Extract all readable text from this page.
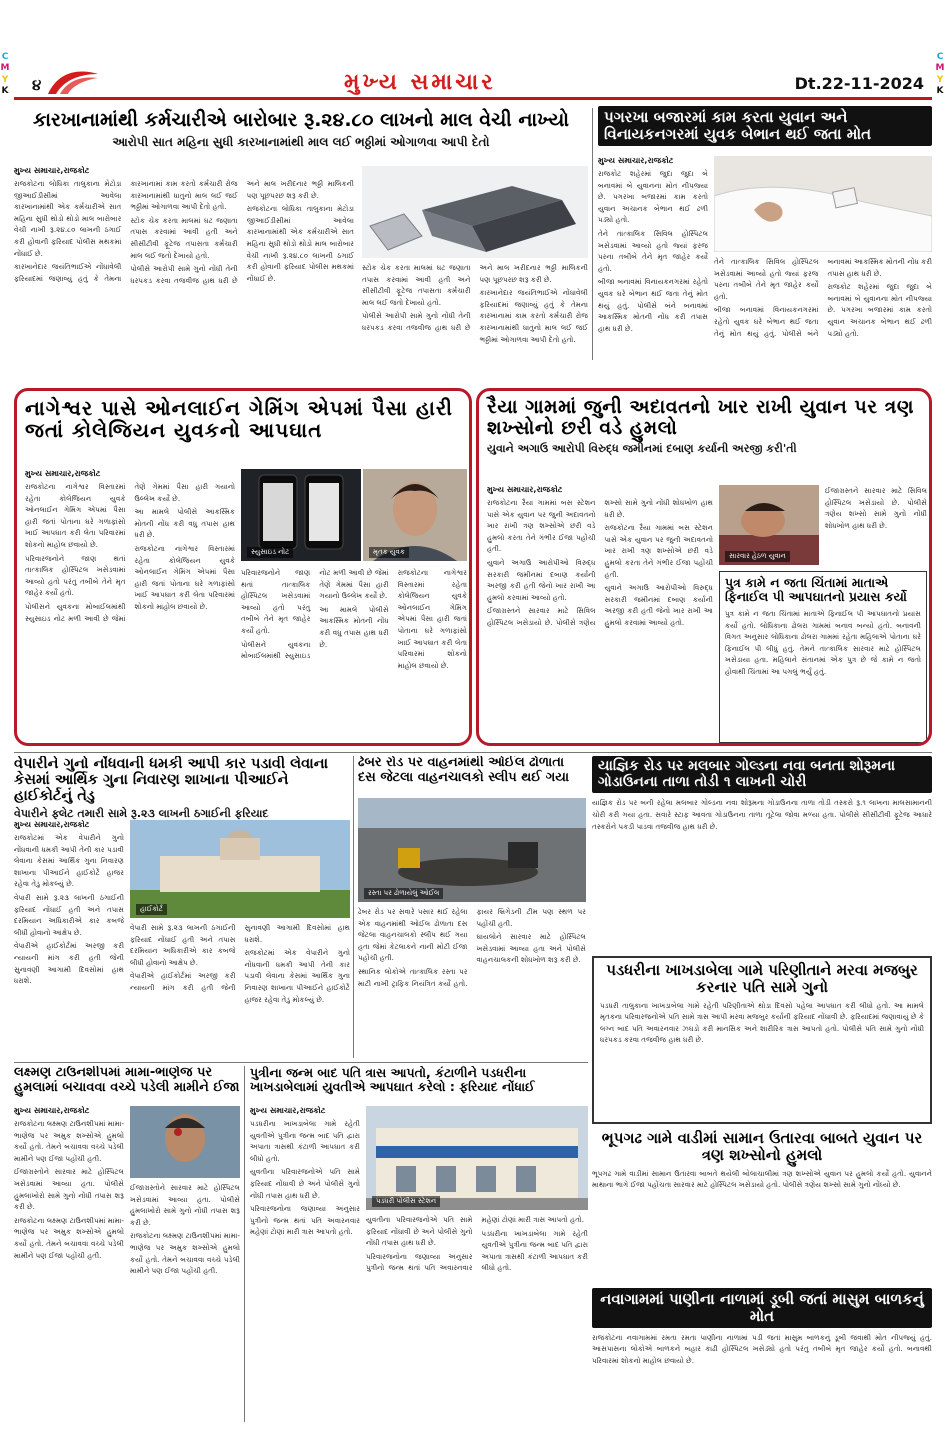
C
M
Y
K
C
M
Y
K
૪	મુખ્ય સમાચાર	Dt.22-11-2024
કારખાનામાંથી કર્મચારીએ બારોબાર રૂ.૨૪.૮૦ લાખનો માલ વેચી નાખ્યો
આરોપી સાત મહિના સુધી કારખાનામાંથી માલ લઈ ભઠ્ઠીમાં ઓગાળવા આપી દેતો
મુખ્ય સમાચાર,રાજકોટ

રાજકોટના લોધિકા તાલુકાના મેટોડા જીઆઈડીસીમાં આવેલા કારખાનામાંથી એક કર્મચારીએ સાત મહિના સુધી થોડો થોડો માલ બારોબાર વેચી નાખી રૂ.૨૪.૮૦ લાખની ઠગાઈ કરી હોવાની ફરિયાદ પોલીસ મથકમાં નોંધાઈ છે.

કારખાનેદાર જયંતિભાઈએ નોંધાવેલી ફરિયાદમાં જણાવ્યું હતું કે તેમના કારખાનામાં કામ કરતો કર્મચારી રોજ કારખાનામાંથી ધાતુનો માલ લઈ જઈ ભઠ્ઠીમાં ઓગાળવા આપી દેતો હતો.

સ્ટોક ચેક કરતા માલમાં ઘટ જણાતા તપાસ કરવામાં આવી હતી અને સીસીટીવી ફૂટેજ તપાસતા કર્મચારી માલ લઈ જતો દેખાયો હતો.

પોલીસે આરોપી સામે ગુનો નોંધી તેની ધરપકડ કરવા તજવીજ હાથ ધરી છે અને માલ ખરીદનાર ભઠ્ઠી માલિકની પણ પૂછપરછ શરૂ કરી છે.

રાજકોટના લોધિકા તાલુકાના મેટોડા જીઆઈડીસીમાં આવેલા કારખાનામાંથી એક કર્મચારીએ સાત મહિના સુધી થોડો થોડો માલ બારોબાર વેચી નાખી રૂ.૨૪.૮૦ લાખની ઠગાઈ કરી હોવાની ફરિયાદ પોલીસ મથકમાં નોંધાઈ છે.

સ્ટોક ચેક કરતા માલમાં ઘટ જણાતા તપાસ કરવામાં આવી હતી અને સીસીટીવી ફૂટેજ તપાસતા કર્મચારી માલ લઈ જતો દેખાયો હતો.

પોલીસે આરોપી સામે ગુનો નોંધી તેની ધરપકડ કરવા તજવીજ હાથ ધરી છે અને માલ ખરીદનાર ભઠ્ઠી માલિકની પણ પૂછપરછ શરૂ કરી છે.

કારખાનેદાર જયંતિભાઈએ નોંધાવેલી ફરિયાદમાં જણાવ્યું હતું કે તેમના કારખાનામાં કામ કરતો કર્મચારી રોજ કારખાનામાંથી ધાતુનો માલ લઈ જઈ ભઠ્ઠીમાં ઓગાળવા આપી દેતો હતો.

પગરખા બજારમાં કામ કરતા યુવાન અને વિનાયકનગરમાં યુવક બેભાન થઈ જતા મોત
મુખ્ય સમાચાર,રાજકોટ

રાજકોટ શહેરમાં જુદા જુદા બે બનાવમાં બે યુવાનના મોત નીપજ્યા છે. પગરખા બજારમાં કામ કરતો યુવાન અચાનક બેભાન થઈ ઢળી પડ્યો હતો.

તેને તાત્કાલિક સિવિલ હોસ્પિટલ ખસેડવામાં આવ્યો હતો જ્યાં ફરજ પરના તબીબે તેને મૃત જાહેર કર્યો હતો.

બીજા બનાવમાં વિનાયકનગરમાં રહેતો યુવક ઘરે બેભાન થઈ જતા તેનું મોત થયું હતું. પોલીસે બંને બનાવમાં આકસ્મિક મોતની નોંધ કરી તપાસ હાથ ધરી છે.

તેને તાત્કાલિક સિવિલ હોસ્પિટલ ખસેડવામાં આવ્યો હતો જ્યાં ફરજ પરના તબીબે તેને મૃત જાહેર કર્યો હતો.

બીજા બનાવમાં વિનાયકનગરમાં રહેતો યુવક ઘરે બેભાન થઈ જતા તેનું મોત થયું હતું. પોલીસે બંને બનાવમાં આકસ્મિક મોતની નોંધ કરી તપાસ હાથ ધરી છે.

રાજકોટ શહેરમાં જુદા જુદા બે બનાવમાં બે યુવાનના મોત નીપજ્યા છે. પગરખા બજારમાં કામ કરતો યુવાન અચાનક બેભાન થઈ ઢળી પડ્યો હતો.

નાગેશ્વર પાસે ઓનલાઈન ગેમિંગ એપમાં પૈસા હારી જતાં કોલેજિયન યુવકનો આપઘાત
મુખ્ય સમાચાર,રાજકોટ

રાજકોટના નાગેશ્વર વિસ્તારમાં રહેતા કોલેજિયન યુવકે ઓનલાઈન ગેમિંગ એપમાં પૈસા હારી જતાં પોતાના ઘરે ગળાફાંસો ખાઈ આપઘાત કરી લેતા પરિવારમાં શોકનો માહોલ છવાયો છે.

પરિવારજનોને જાણ થતાં તાત્કાલિક હોસ્પિટલ ખસેડવામાં આવ્યો હતો પરંતુ તબીબે તેને મૃત જાહેર કર્યો હતો.

પોલીસને યુવકના મોબાઈલમાંથી સ્યુસાઇડ નોટ મળી આવી છે જેમાં તેણે ગેમમાં પૈસા હારી ગયાનો ઉલ્લેખ કર્યો છે.

આ મામલે પોલીસે આકસ્મિક મોતની નોંધ કરી વધુ તપાસ હાથ ધરી છે.

રાજકોટના નાગેશ્વર વિસ્તારમાં રહેતા કોલેજિયન યુવકે ઓનલાઈન ગેમિંગ એપમાં પૈસા હારી જતાં પોતાના ઘરે ગળાફાંસો ખાઈ આપઘાત કરી લેતા પરિવારમાં શોકનો માહોલ છવાયો છે.

સ્યુસાઇડ નોટ	મૃતક યુવક

પરિવારજનોને જાણ થતાં તાત્કાલિક હોસ્પિટલ ખસેડવામાં આવ્યો હતો પરંતુ તબીબે તેને મૃત જાહેર કર્યો હતો.

પોલીસને યુવકના મોબાઈલમાંથી સ્યુસાઇડ નોટ મળી આવી છે જેમાં તેણે ગેમમાં પૈસા હારી ગયાનો ઉલ્લેખ કર્યો છે.

આ મામલે પોલીસે આકસ્મિક મોતની નોંધ કરી વધુ તપાસ હાથ ધરી છે.

રાજકોટના નાગેશ્વર વિસ્તારમાં રહેતા કોલેજિયન યુવકે ઓનલાઈન ગેમિંગ એપમાં પૈસા હારી જતાં પોતાના ઘરે ગળાફાંસો ખાઈ આપઘાત કરી લેતા પરિવારમાં શોકનો માહોલ છવાયો છે.

રૈયા ગામમાં જુની અદાવતનો ખાર રાખી યુવાન પર ત્રણ શખ્સોનો છરી વડે હુમલો
યુવાને અગાઉ આરોપી વિરુદ્ધ જમીનમાં દબાણ કર્યાની અરજી કરી'તી
મુખ્ય સમાચાર,રાજકોટ

રાજકોટના રૈયા ગામમાં બસ સ્ટેશન પાસે એક યુવાન પર જુની અદાવતનો ખાર રાખી ત્રણ શખ્સોએ છરી વડે હુમલો કરતા તેને ગંભીર ઈજા પહોંચી હતી.

યુવાને અગાઉ આરોપીઓ વિરુદ્ધ સરકારી જમીનમાં દબાણ કર્યાની અરજી કરી હતી જેનો ખાર રાખી આ હુમલો કરવામાં આવ્યો હતો.

ઈજાગ્રસ્તને સારવાર માટે સિવિલ હોસ્પિટલ ખસેડાયો છે. પોલીસે ત્રણેય શખ્સો સામે ગુનો નોંધી શોધખોળ હાથ ધરી છે.

રાજકોટના રૈયા ગામમાં બસ સ્ટેશન પાસે એક યુવાન પર જુની અદાવતનો ખાર રાખી ત્રણ શખ્સોએ છરી વડે હુમલો કરતા તેને ગંભીર ઈજા પહોંચી હતી.

યુવાને અગાઉ આરોપીઓ વિરુદ્ધ સરકારી જમીનમાં દબાણ કર્યાની અરજી કરી હતી જેનો ખાર રાખી આ હુમલો કરવામાં આવ્યો હતો.

સારવાર હેઠળ યુવાન

ઈજાગ્રસ્તને સારવાર માટે સિવિલ હોસ્પિટલ ખસેડાયો છે. પોલીસે ત્રણેય શખ્સો સામે ગુનો નોંધી શોધખોળ હાથ ધરી છે.

પુત્ર કામે ન જતા ચિંતામાં માતાએ ફિનાઈલ પી આપઘાતનો પ્રયાસ કર્યો
પુત્ર કામે ન જતા ચિંતામાં માતાએ ફિનાઈલ પી આપઘાતનો પ્રયાસ કર્યો હતો. લોધિકાના ઢોલરા ગામમાં બનાવ બન્યો હતો. બનાવની વિગત અનુસાર લોધિકાના ઢોલરા ગામમાં રહેતા મહિલાએ પોતાના ઘરે ફિનાઈલ પી લીધું હતું. તેમને તાત્કાલિક સારવાર માટે હોસ્પિટલ ખસેડાયા હતા. મહિલાને સંતાનમાં એક પુત્ર છે જે કામે ન જતો હોવાથી ચિંતામાં આ પગલું ભર્યું હતું.
વેપારીને ગુનો નોંધવાની ધમકી આપી કાર પડાવી લેવાના કેસમાં આર્થિક ગુના નિવારણ શાખાના પીઆઈને હાઈકોર્ટનું તેડુ
વેપારીને ફ્લેટ તમારી સામે રૂ.૨૩ લાખની ઠગાઈની ફરિયાદ
મુખ્ય સમાચાર,રાજકોટ

રાજકોટમાં એક વેપારીને ગુનો નોંધવાની ધમકી આપી તેની કાર પડાવી લેવાના કેસમાં આર્થિક ગુના નિવારણ શાખાના પીઆઈને હાઈકોર્ટે હાજર રહેવા તેડુ મોકલ્યું છે.

વેપારી સામે રૂ.૨૩ લાખની ઠગાઈની ફરિયાદ નોંધાઈ હતી અને તપાસ દરમિયાન અધિકારીએ કાર કબજે લીધી હોવાનો આક્ષેપ છે.

વેપારીએ હાઈકોર્ટમાં અરજી કરી ન્યાયની માંગ કરી હતી જેની સુનાવણી આગામી દિવસોમાં હાથ ધરાશે.

હાઈકોર્ટ

વેપારી સામે રૂ.૨૩ લાખની ઠગાઈની ફરિયાદ નોંધાઈ હતી અને તપાસ દરમિયાન અધિકારીએ કાર કબજે લીધી હોવાનો આક્ષેપ છે.

વેપારીએ હાઈકોર્ટમાં અરજી કરી ન્યાયની માંગ કરી હતી જેની સુનાવણી આગામી દિવસોમાં હાથ ધરાશે.

રાજકોટમાં એક વેપારીને ગુનો નોંધવાની ધમકી આપી તેની કાર પડાવી લેવાના કેસમાં આર્થિક ગુના નિવારણ શાખાના પીઆઈને હાઈકોર્ટે હાજર રહેવા તેડુ મોકલ્યું છે.

ઢેબર રોડ પર વાહનમાંથી ઓઈલ ઢોળાતા દસ જેટલા વાહનચાલકો સ્લીપ થઈ ગયા
રસ્તા પર ઢોળાયેલું ઓઈલ

ઢેબર રોડ પર સવારે પસાર થઈ રહેલા એક વાહનમાંથી ઓઈલ ઢોળાતા દસ જેટલા વાહનચાલકો સ્લીપ થઈ ગયા હતા જેમાં કેટલાકને નાની મોટી ઈજા પહોંચી હતી.

સ્થાનિક લોકોએ તાત્કાલિક રસ્તા પર માટી નાખી ટ્રાફિક નિયંત્રિત કર્યો હતો. ફાયર બ્રિગેડની ટીમ પણ સ્થળ પર પહોંચી હતી.

ઘાયલોને સારવાર માટે હોસ્પિટલ ખસેડવામાં આવ્યા હતા અને પોલીસે વાહનચાલકની શોધખોળ શરૂ કરી છે.

યાજ્ઞિક રોડ પર મલબાર ગોલ્ડના નવા બનતા શોરૂમના ગોડાઉનના તાળા તોડી ૧ લાખની ચોરી
યાજ્ઞિક રોડ પર બની રહેલા મલબાર ગોલ્ડના નવા શોરૂમના ગોડાઉનના તાળા તોડી તસ્કરો રૂ.૧ લાખના માલસામાનની ચોરી કરી ગયા હતા. સવારે સ્ટાફ આવતા ગોડાઉનના તાળા તૂટેલા જોવા મળ્યા હતા. પોલીસે સીસીટીવી ફૂટેજ આધારે તસ્કરોને પકડી પાડવા તજવીજ હાથ ધરી છે.
પડધરીના ખાખડાબેલા ગામે પરિણીતાને મરવા મજબુર કરનાર પતિ સામે ગુનો
પડધરી તાલુકાના ખાખડાબેલા ગામે રહેતી પરિણીતાએ થોડા દિવસો પહેલા આપઘાત કરી લીધો હતો. આ મામલે મૃતકના પરિવારજનોએ પતિ સામે ત્રાસ આપી મરવા મજબુર કર્યાની ફરિયાદ નોંધાવી છે. ફરિયાદમાં જણાવાયું છે કે લગ્ન બાદ પતિ અવારનવાર ઝઘડો કરી માનસિક અને શારીરિક ત્રાસ આપતો હતો. પોલીસે પતિ સામે ગુનો નોંધી ધરપકડ કરવા તજવીજ હાથ ધરી છે.
લક્ષ્મણ ટાઉનશીપમાં મામા-ભાણેજ પર હુમલામાં બચાવવા વચ્ચે પડેલી મામીને ઈજા
મુખ્ય સમાચાર,રાજકોટ

રાજકોટના લક્ષ્મણ ટાઉનશીપમાં મામા-ભાણેજ પર અમુક શખ્સોએ હુમલો કર્યો હતો. તેમને બચાવવા વચ્ચે પડેલી મામીને પણ ઈજા પહોંચી હતી.

ઈજાગ્રસ્તોને સારવાર માટે હોસ્પિટલ ખસેડવામાં આવ્યા હતા. પોલીસે હુમલાખોરો સામે ગુનો નોંધી તપાસ શરૂ કરી છે.

રાજકોટના લક્ષ્મણ ટાઉનશીપમાં મામા-ભાણેજ પર અમુક શખ્સોએ હુમલો કર્યો હતો. તેમને બચાવવા વચ્ચે પડેલી મામીને પણ ઈજા પહોંચી હતી.

ઈજાગ્રસ્તોને સારવાર માટે હોસ્પિટલ ખસેડવામાં આવ્યા હતા. પોલીસે હુમલાખોરો સામે ગુનો નોંધી તપાસ શરૂ કરી છે.

રાજકોટના લક્ષ્મણ ટાઉનશીપમાં મામા-ભાણેજ પર અમુક શખ્સોએ હુમલો કર્યો હતો. તેમને બચાવવા વચ્ચે પડેલી મામીને પણ ઈજા પહોંચી હતી.

પુત્રીના જન્મ બાદ પતિ ત્રાસ આપતો, કંટાળીને પડધરીના ખાખડાબેલામાં યુવતીએ આપઘાત કરેલો : ફરિયાદ નોંધાઈ
મુખ્ય સમાચાર,રાજકોટ

પડધરીના ખાખડાબેલા ગામે રહેતી યુવતીએ પુત્રીના જન્મ બાદ પતિ દ્વારા અપાતા ત્રાસથી કંટાળી આપઘાત કરી લીધો હતો.

યુવતીના પરિવારજનોએ પતિ સામે ફરિયાદ નોંધાવી છે અને પોલીસે ગુનો નોંધી તપાસ હાથ ધરી છે.

પરિવારજનોના જણાવ્યા અનુસાર પુત્રીનો જન્મ થતાં પતિ અવારનવાર મહેણાં ટોણાં મારી ત્રાસ આપતો હતો.

પડધરી પોલીસ સ્ટેશન

યુવતીના પરિવારજનોએ પતિ સામે ફરિયાદ નોંધાવી છે અને પોલીસે ગુનો નોંધી તપાસ હાથ ધરી છે.

પરિવારજનોના જણાવ્યા અનુસાર પુત્રીનો જન્મ થતાં પતિ અવારનવાર મહેણાં ટોણાં મારી ત્રાસ આપતો હતો.

પડધરીના ખાખડાબેલા ગામે રહેતી યુવતીએ પુત્રીના જન્મ બાદ પતિ દ્વારા અપાતા ત્રાસથી કંટાળી આપઘાત કરી લીધો હતો.

ભૂપગઢ ગામે વાડીમાં સામાન ઉતારવા બાબતે યુવાન પર ત્રણ શખ્સોનો હુમલો
ભૂપગઢ ગામે વાડીમાં સામાન ઉતારવા બાબતે થયેલી બોલાચાલીમાં ત્રણ શખ્સોએ યુવાન પર હુમલો કર્યો હતો. યુવાનને માથાના ભાગે ઈજા પહોંચતા સારવાર માટે હોસ્પિટલ ખસેડાયો હતો. પોલીસે ત્રણેય શખ્સો સામે ગુનો નોંધ્યો છે.
નવાગામમાં પાણીના નાળામાં ડૂબી જતાં માસુમ બાળકનું મોત
રાજકોટના નવાગામમાં રમતા રમતા પાણીના નાળામાં પડી જતાં માસુમ બાળકનું ડૂબી જવાથી મોત નીપજ્યું હતું. આસપાસના લોકોએ બાળકને બહાર કાઢી હોસ્પિટલ ખસેડ્યો હતો પરંતુ તબીબે મૃત જાહેર કર્યો હતો. બનાવથી પરિવારમાં શોકનો માહોલ છવાયો છે.
